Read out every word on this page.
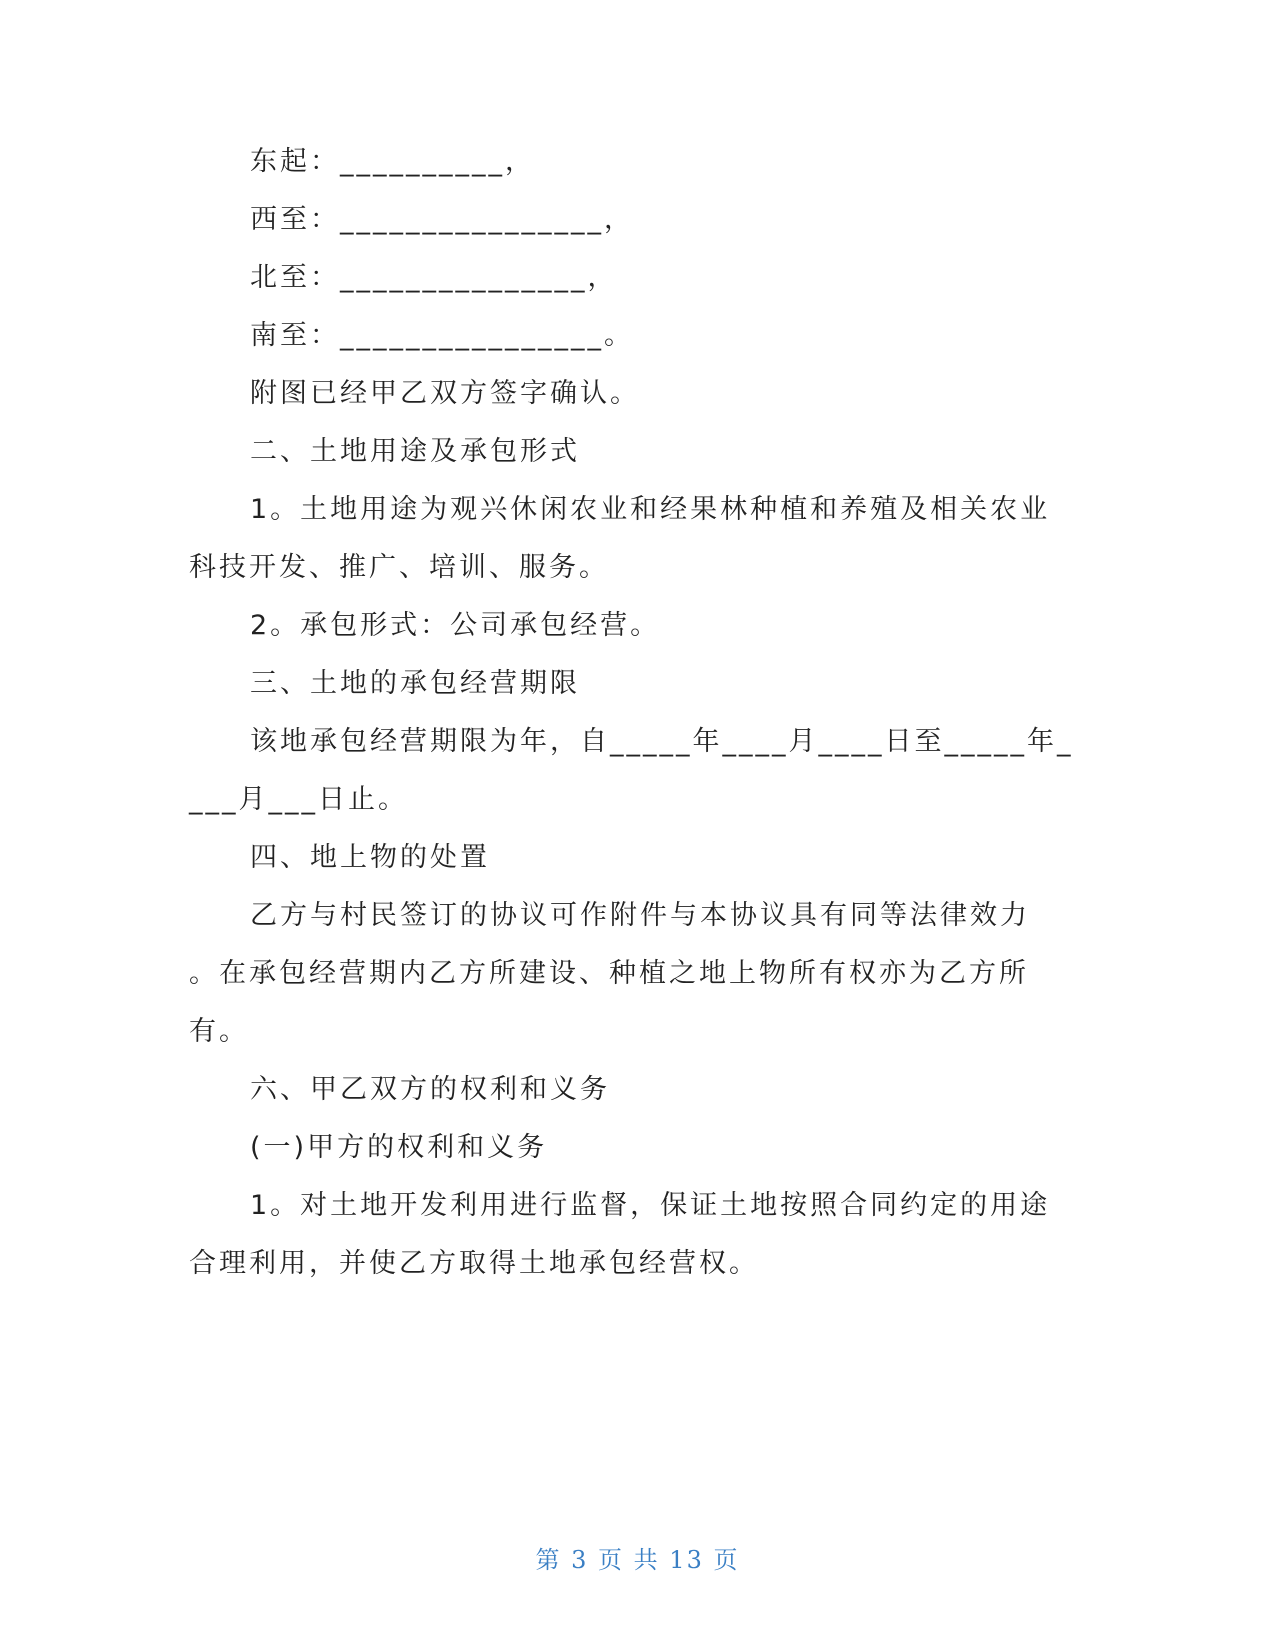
东起：__________，
西至：________________，
北至：_______________，
南至：________________。
附图已经甲乙双方签字确认。
二、土地用途及承包形式
1。土地用途为观兴休闲农业和经果林种植和养殖及相关农业
科技开发、推广、培训、服务。
2。承包形式：公司承包经营。
三、土地的承包经营期限
该地承包经营期限为年，自_____年____月____日至_____年_
___月___日止。
四、地上物的处置
乙方与村民签订的协议可作附件与本协议具有同等法律效力
。在承包经营期内乙方所建设、种植之地上物所有权亦为乙方所
有。
六、甲乙双方的权利和义务
(一)甲方的权利和义务
1。对土地开发利用进行监督，保证土地按照合同约定的用途
合理利用，并使乙方取得土地承包经营权。
第 3 页 共 13 页
